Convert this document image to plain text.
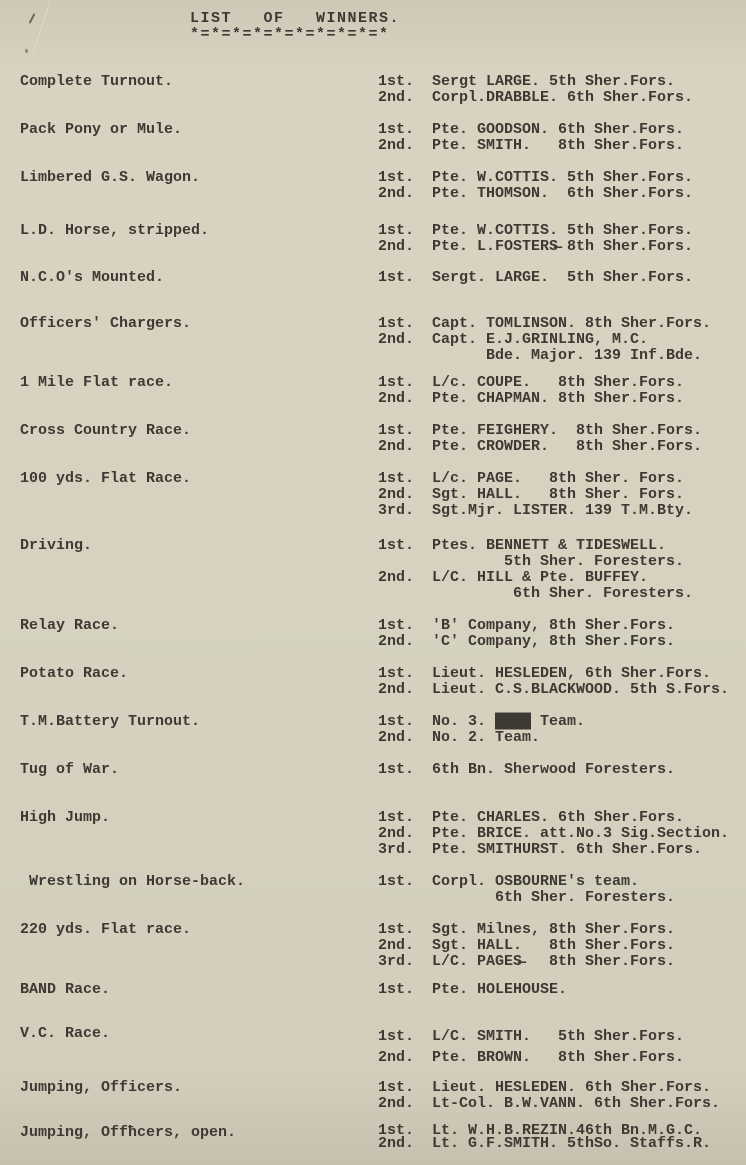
LIST   OF   WINNERS.
*=*=*=*=*=*=*=*=*=*
Complete Turnout.	1st.  Sergt LARGE. 5th Sher.Fors.
2nd.  Corpl.DRABBLE. 6th Sher.Fors.
Pack Pony or Mule.	1st.  Pte. GOODSON. 6th Sher.Fors.
2nd.  Pte. SMITH.   8th Sher.Fors.
Limbered G.S. Wagon.	1st.  Pte. W.COTTIS. 5th Sher.Fors.
2nd.  Pte. THOMSON.  6th Sher.Fors.
L.D. Horse, stripped.	1st.  Pte. W.COTTIS. 5th Sher.Fors.
2nd.  Pte. L.FOSTERS̶ 8th Sher.Fors.
N.C.O's Mounted.	1st.  Sergt. LARGE.  5th Sher.Fors.
Officers' Chargers.	1st.  Capt. TOMLINSON. 8th Sher.Fors.
2nd.  Capt. E.J.GRINLING, M.C.
Bde. Major. 139 Inf.Bde.
1 Mile Flat race.	1st.  L/c. COUPE.   8th Sher.Fors.
2nd.  Pte. CHAPMAN. 8th Sher.Fors.
Cross Country Race.	1st.  Pte. FEIGHERY.  8th Sher.Fors.
2nd.  Pte. CROWDER.   8th Sher.Fors.
100 yds. Flat Race.	1st.  L/c. PAGE.   8th Sher. Fors.
2nd.  Sgt. HALL.   8th Sher. Fors.
3rd.  Sgt.Mjr. LISTER. 139 T.M.Bty.
Driving.	1st.  Ptes. BENNETT & TIDESWELL.
5th Sher. Foresters.
2nd.  L/C. HILL & Pte. BUFFEY.
6th Sher. Foresters.
Relay Race.	1st.  'B' Company, 8th Sher.Fors.
2nd.  'C' Company, 8th Sher.Fors.
Potato Race.	1st.  Lieut. HESLEDEN, 6th Sher.Fors.
2nd.  Lieut. C.S.BLACKWOOD. 5th S.Fors.
T.M.Battery Turnout.	1st.  No. 3. ████ Team.
2nd.  No. 2. Team.
Tug of War.	1st.  6th Bn. Sherwood Foresters.
High Jump.	1st.  Pte. CHARLES. 6th Sher.Fors.
2nd.  Pte. BRICE. att.No.3 Sig.Section.
3rd.  Pte. SMITHURST. 6th Sher.Fors.
Wrestling on Horse-back.	1st.  Corpl. OSBOURNE's team.
6th Sher. Foresters.
220 yds. Flat race.	1st.  Sgt. Milnes, 8th Sher.Fors.
2nd.  Sgt. HALL.   8th Sher.Fors.
3rd.  L/C. PAGES̶   8th Sher.Fors.
BAND Race.	1st.  Pte. HOLEHOUSE.
V.C. Race.	1st.  L/C. SMITH.   5th Sher.Fors.
2nd.  Pte. BROWN.   8th Sher.Fors.
Jumping, Officers.	1st.  Lieut. HESLEDEN. 6th Sher.Fors.
2nd.  Lt-Col. B.W.VANN. 6th Sher.Fors.
Jumping, Offħcers, open.	1st.  Lt. W.H.B.REZIN.46th Bn.M.G.C.
2nd.  Lt. G.F.SMITH. 5thSo. Staffs.R.
